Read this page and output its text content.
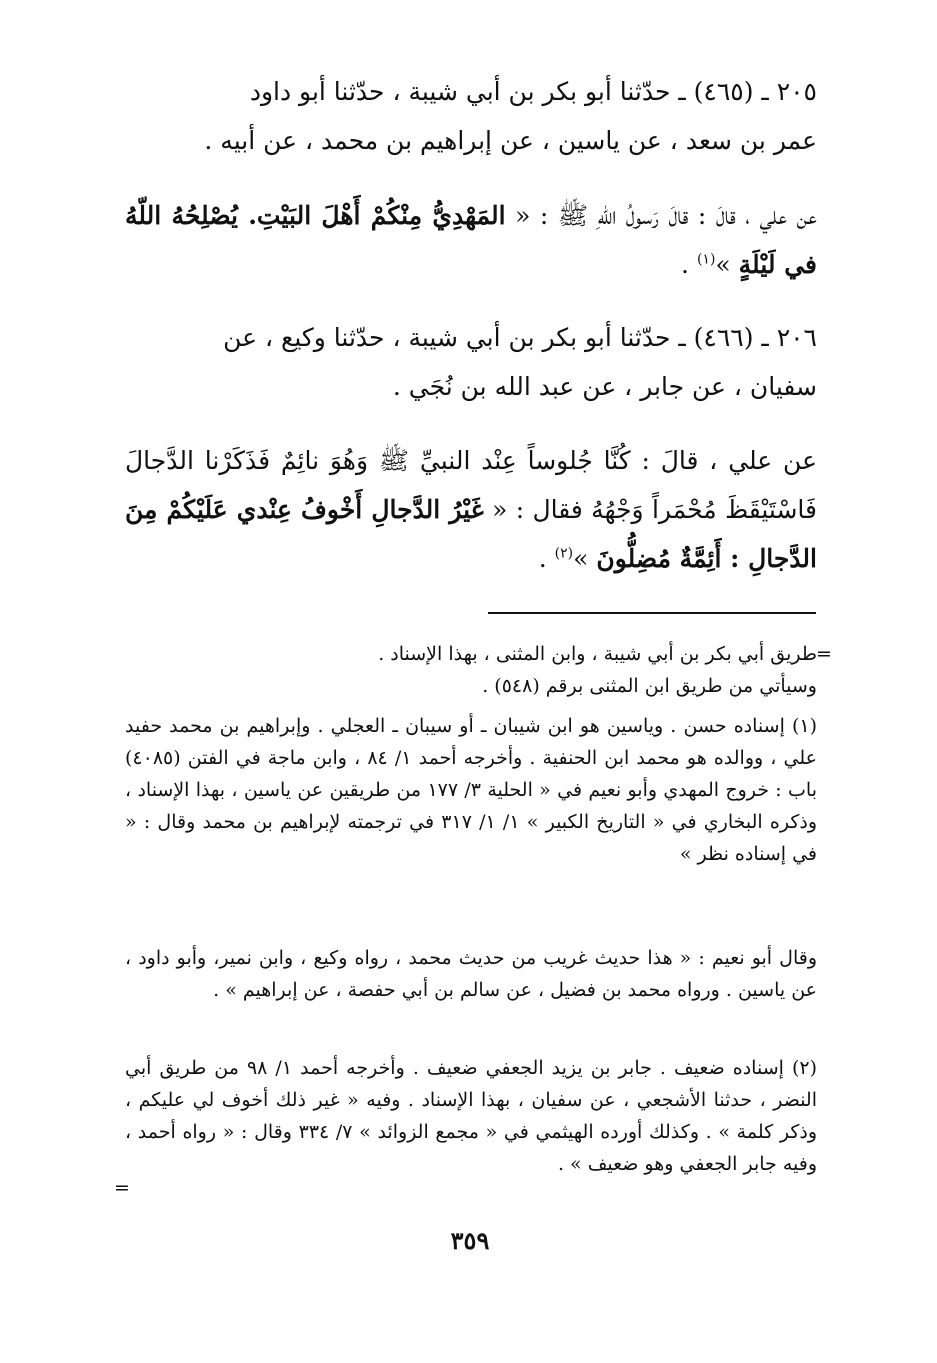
٢٠٥ ـ (٤٦٥) ـ حدّثنا أبو بكر بن أبي شيبة ، حدّثنا أبو داود
عمر بن سعد ، عن ياسين ، عن إبراهيم بن محمد ، عن أبيه .

عن علي ، قالَ : قالَ رَسولُ اللّهِ ﷺ : « المَهْدِيُّ مِنْكُمْ أَهْلَ البَيْتِ. يُصْلِحُهُ اللّهُ في لَيْلَةٍ »$^{(١)}$ .

٢٠٦ ـ (٤٦٦) ـ حدّثنا أبو بكر بن أبي شيبة ، حدّثنا وكيع ، عن
سفيان ، عن جابر ، عن عبد الله بن نُجَي .

عن علي ، قالَ : كُنَّا جُلوساً عِنْد النبيِّ ﷺ وَهُوَ نائِمٌ فَذَكَرْنا الدَّجالَ فَاسْتَيْقَظَ مُحْمَراً وَجْهُهُ فقال : « غَيْرُ الدَّجالِ أَخْوفُ عِنْدي عَلَيْكُمْ مِنَ الدَّجالِ : أَئِمَّةٌ مُضِلُّونَ »$^{(٢)}$ .

=

طريق أبي بكر بن أبي شيبة ، وابن المثنى ، بهذا الإسناد .
وسيأتي من طريق ابن المثنى برقم (٥٤٨) .

(١) إسناده حسن . وياسين هو ابن شيبان ـ أو سيبان ـ العجلي . وإبراهيم بن محمد حفيد علي ، ووالده هو محمد ابن الحنفية . وأخرجه أحمد ١/ ٨٤ ، وابن ماجة في الفتن (٤٠٨٥) باب : خروج المهدي وأبو نعيم في « الحلية ٣/ ١٧٧ من طريقين عن ياسين ، بهذا الإسناد ، وذكره البخاري في « التاريخ الكبير » ١/ ١/ ٣١٧ في ترجمته لإبراهيم بن محمد وقال : « في إسناده نظر »

وقال أبو نعيم : « هذا حديث غريب من حديث محمد ، رواه وكيع ، وابن نمير، وأبو داود ، عن ياسين . ورواه محمد بن فضيل ، عن سالم بن أبي حفصة ، عن إبراهيم » .

(٢) إسناده ضعيف . جابر بن يزيد الجعفي ضعيف . وأخرجه أحمد ١/ ٩٨ من طريق أبي النضر ، حدثنا الأشجعي ، عن سفيان ، بهذا الإسناد . وفيه « غير ذلك أخوف لي عليكم ، وذكر كلمة » . وكذلك أورده الهيثمي في « مجمع الزوائد » ٧/ ٣٣٤ وقال : « رواه أحمد ، وفيه جابر الجعفي وهو ضعيف » .

=
٣٥٩
